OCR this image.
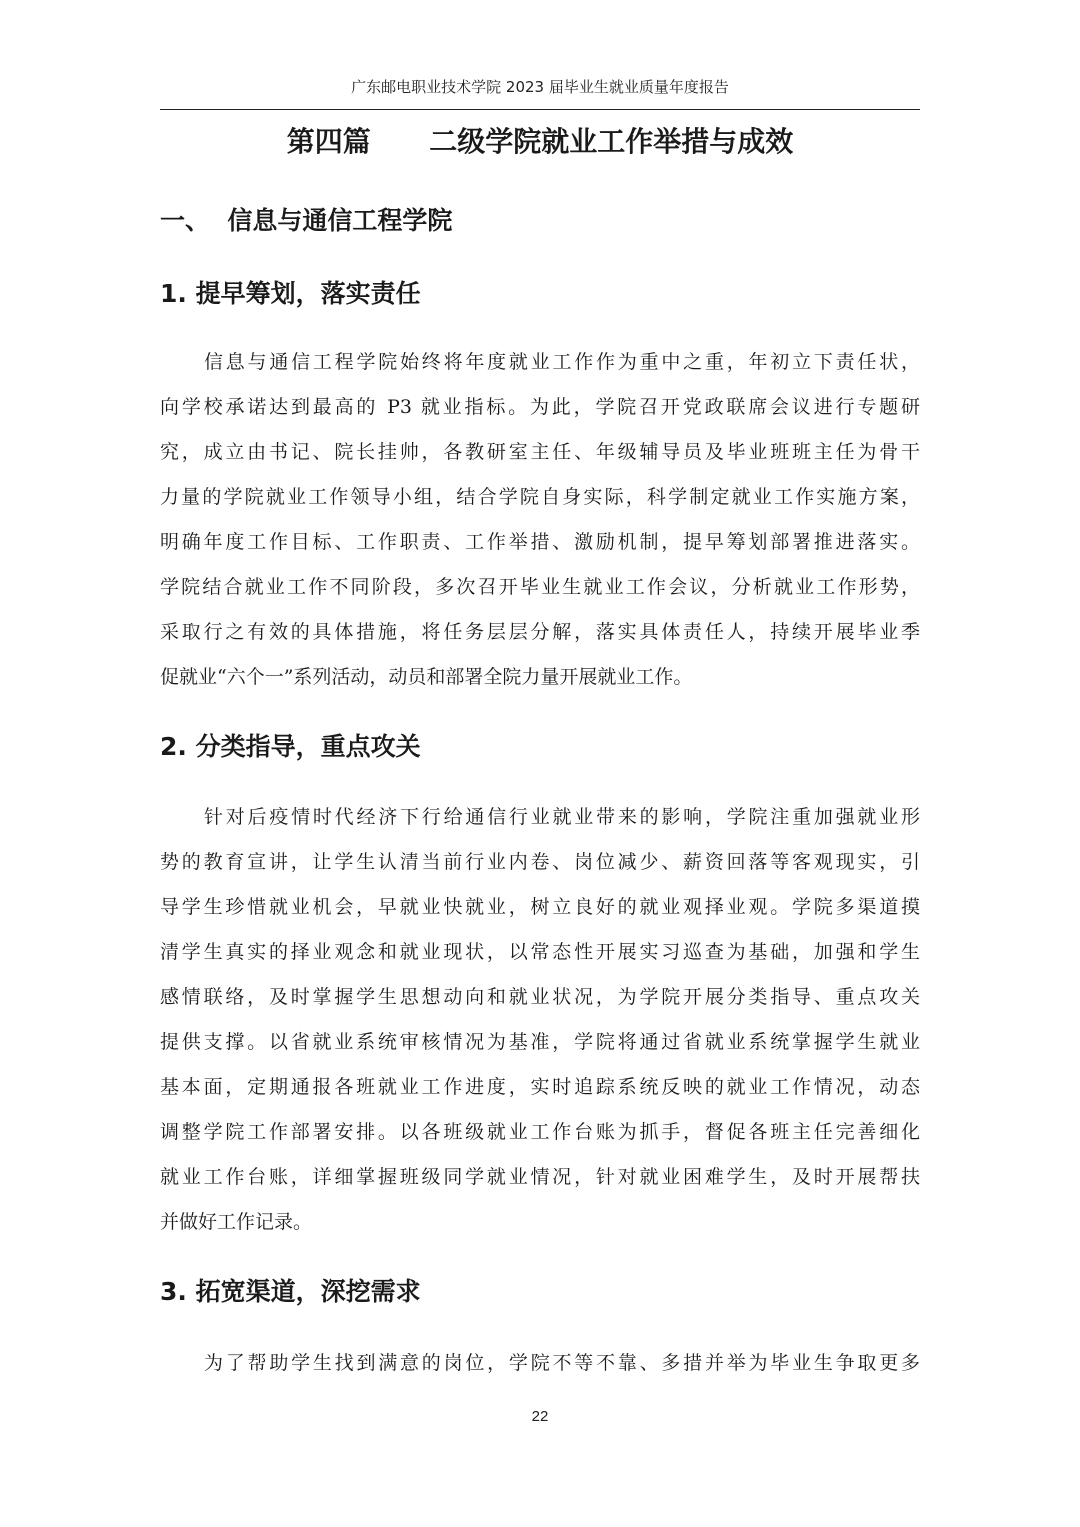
广东邮电职业技术学院 2023 届毕业生就业质量年度报告
第四篇      二级学院就业工作举措与成效
一、  信息与通信工程学院
1. 提早筹划，落实责任
信息与通信工程学院始终将年度就业工作作为重中之重，年初立下责任状，
向学校承诺达到最高的 P3 就业指标。为此，学院召开党政联席会议进行专题研
究，成立由书记、院长挂帅，各教研室主任、年级辅导员及毕业班班主任为骨干
力量的学院就业工作领导小组，结合学院自身实际，科学制定就业工作实施方案，
明确年度工作目标、工作职责、工作举措、激励机制，提早筹划部署推进落实。
学院结合就业工作不同阶段，多次召开毕业生就业工作会议，分析就业工作形势，
采取行之有效的具体措施，将任务层层分解，落实具体责任人，持续开展毕业季
促就业“六个一”系列活动，动员和部署全院力量开展就业工作。
2. 分类指导，重点攻关
针对后疫情时代经济下行给通信行业就业带来的影响，学院注重加强就业形
势的教育宣讲，让学生认清当前行业内卷、岗位减少、薪资回落等客观现实，引
导学生珍惜就业机会，早就业快就业，树立良好的就业观择业观。学院多渠道摸
清学生真实的择业观念和就业现状，以常态性开展实习巡查为基础，加强和学生
感情联络，及时掌握学生思想动向和就业状况，为学院开展分类指导、重点攻关
提供支撑。以省就业系统审核情况为基准，学院将通过省就业系统掌握学生就业
基本面，定期通报各班就业工作进度，实时追踪系统反映的就业工作情况，动态
调整学院工作部署安排。以各班级就业工作台账为抓手，督促各班主任完善细化
就业工作台账，详细掌握班级同学就业情况，针对就业困难学生，及时开展帮扶
并做好工作记录。
3. 拓宽渠道，深挖需求
为了帮助学生找到满意的岗位，学院不等不靠、多措并举为毕业生争取更多
22
